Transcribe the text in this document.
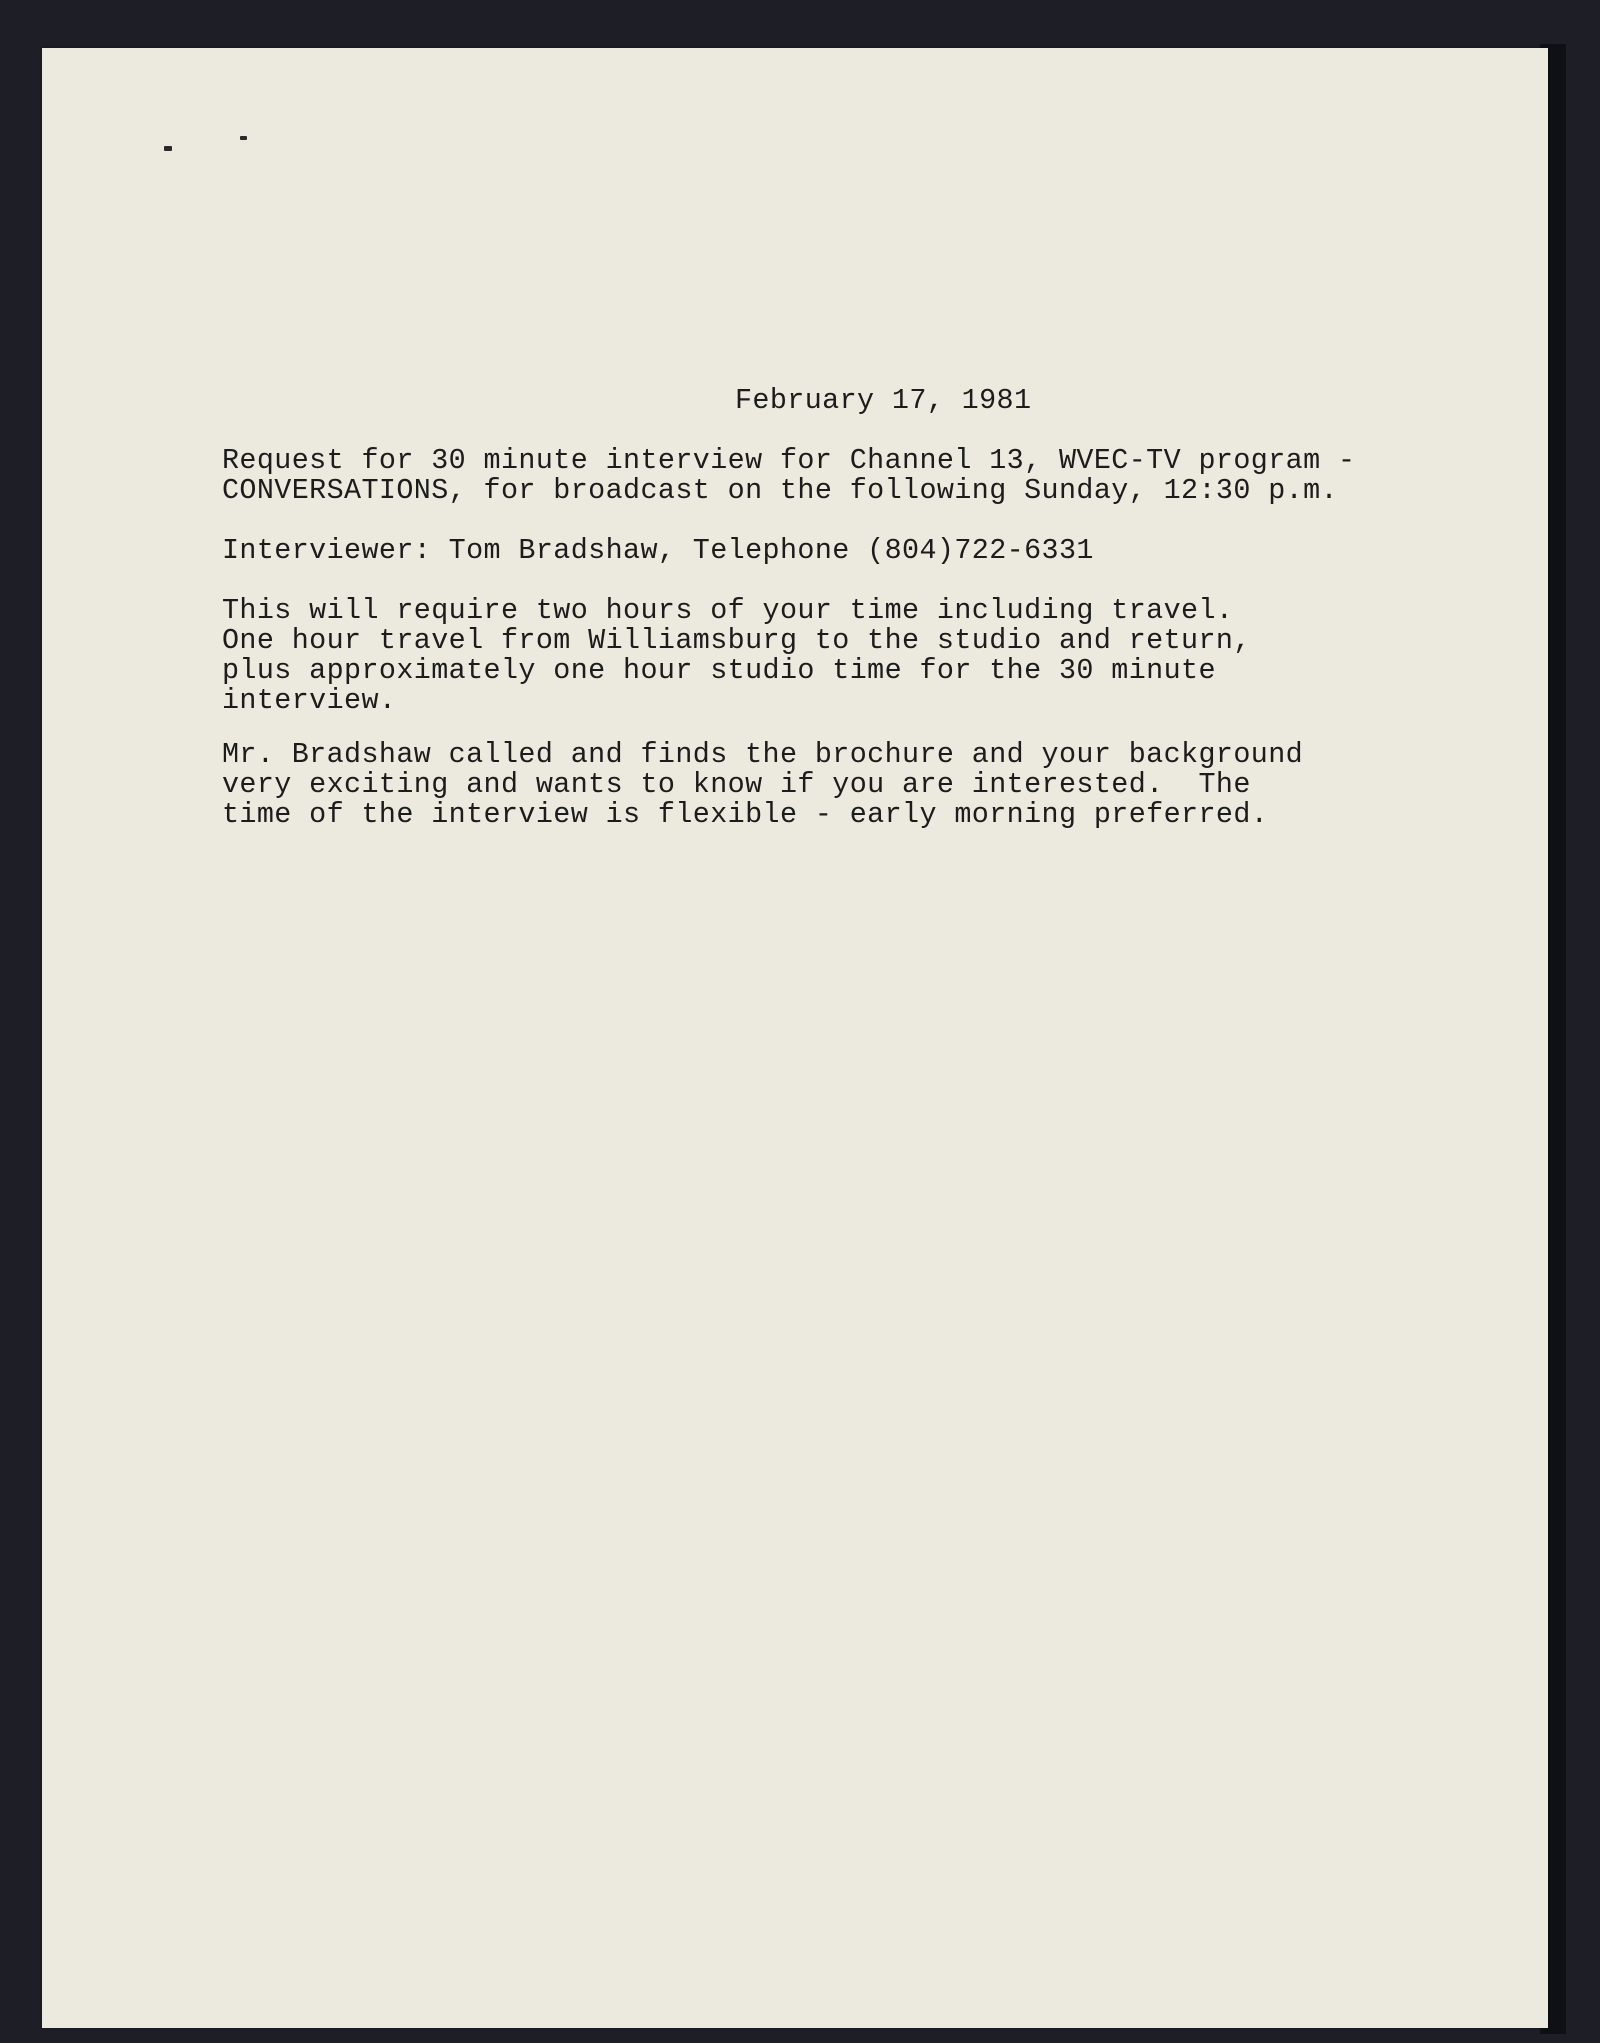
February 17, 1981
Request for 30 minute interview for Channel 13, WVEC-TV program -
CONVERSATIONS, for broadcast on the following Sunday, 12:30 p.m.
Interviewer: Tom Bradshaw, Telephone (804)722-6331
This will require two hours of your time including travel.
One hour travel from Williamsburg to the studio and return,
plus approximately one hour studio time for the 30 minute
interview.
Mr. Bradshaw called and finds the brochure and your background
very exciting and wants to know if you are interested.  The
time of the interview is flexible - early morning preferred.
